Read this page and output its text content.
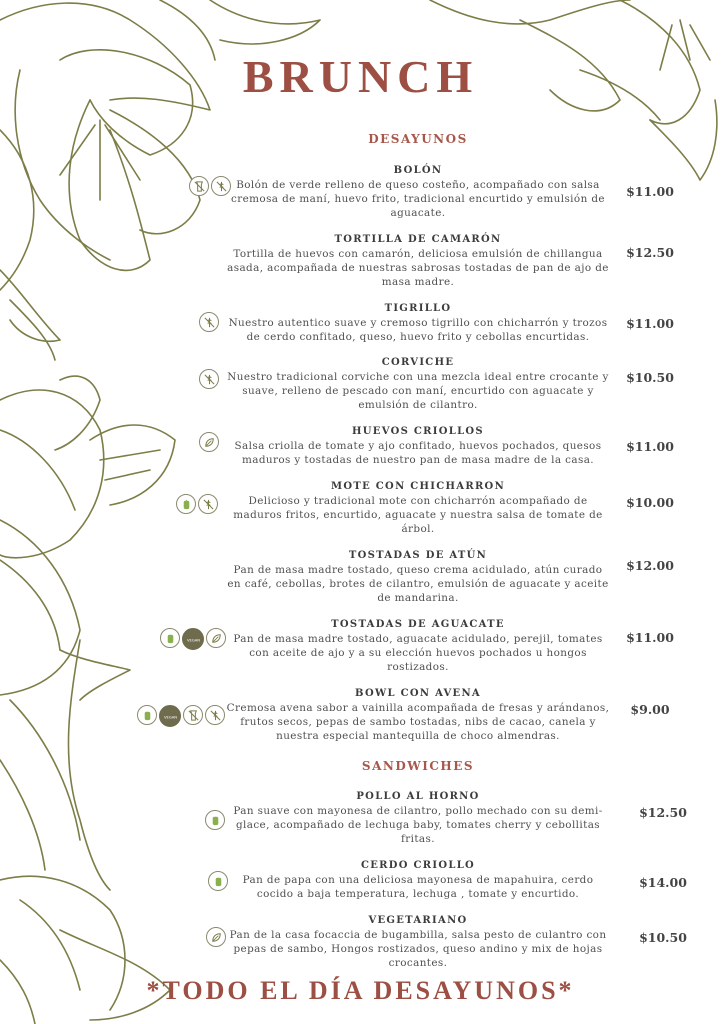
BRUNCH
DESAYUNOS
BOLÓN
Bolón de verde relleno de queso costeño, acompañado con salsa cremosa de maní, huevo frito, tradicional encurtido y emulsión de aguacate.
$11.00
TORTILLA DE CAMARÓN
Tortilla de huevos con camarón, deliciosa emulsión de chillangua asada, acompañada de nuestras sabrosas tostadas de pan de ajo de masa madre.
$12.50
TIGRILLO
Nuestro autentico suave y cremoso tigrillo con chicharrón y trozos de cerdo confitado, queso, huevo frito y cebollas encurtidas.
$11.00
CORVICHE
Nuestro tradicional corviche con una mezcla ideal entre crocante y suave, relleno de pescado con maní, encurtido con aguacate y emulsión de cilantro.
$10.50
HUEVOS CRIOLLOS
Salsa criolla de tomate y ajo confitado, huevos pochados, quesos maduros y tostadas de nuestro pan de masa madre de la casa.
$11.00
MOTE CON CHICHARRON
Delicioso y tradicional mote con chicharrón acompañado de maduros fritos, encurtido, aguacate y nuestra salsa de tomate de árbol.
$10.00
TOSTADAS DE ATÚN
Pan de masa madre tostado, queso crema acidulado, atún curado en café, cebollas, brotes de cilantro, emulsión de aguacate y aceite de mandarina.
$12.00
VEGAN
TOSTADAS DE AGUACATE
Pan de masa madre tostado, aguacate acidulado, perejil, tomates con aceite de ajo y a su elección huevos pochados u hongos rostizados.
$11.00
VEGAN
BOWL CON AVENA
Cremosa avena sabor a vainilla acompañada de fresas y arándanos, frutos secos, pepas de sambo tostadas, nibs de cacao, canela y nuestra especial mantequilla de choco almendras.
$9.00
SANDWICHES
POLLO AL HORNO
Pan suave con mayonesa de cilantro, pollo mechado con su demi-glace, acompañado de lechuga baby, tomates cherry y cebollitas fritas.
$12.50
CERDO CRIOLLO
Pan de papa con una deliciosa mayonesa de mapahuira, cerdo cocido a baja temperatura, lechuga , tomate y encurtido.
$14.00
VEGETARIANO
Pan de la casa focaccia de bugambilla, salsa pesto de culantro con pepas de sambo, Hongos rostizados, queso andino y mix de hojas crocantes.
$10.50
*TODO EL DÍA DESAYUNOS*
